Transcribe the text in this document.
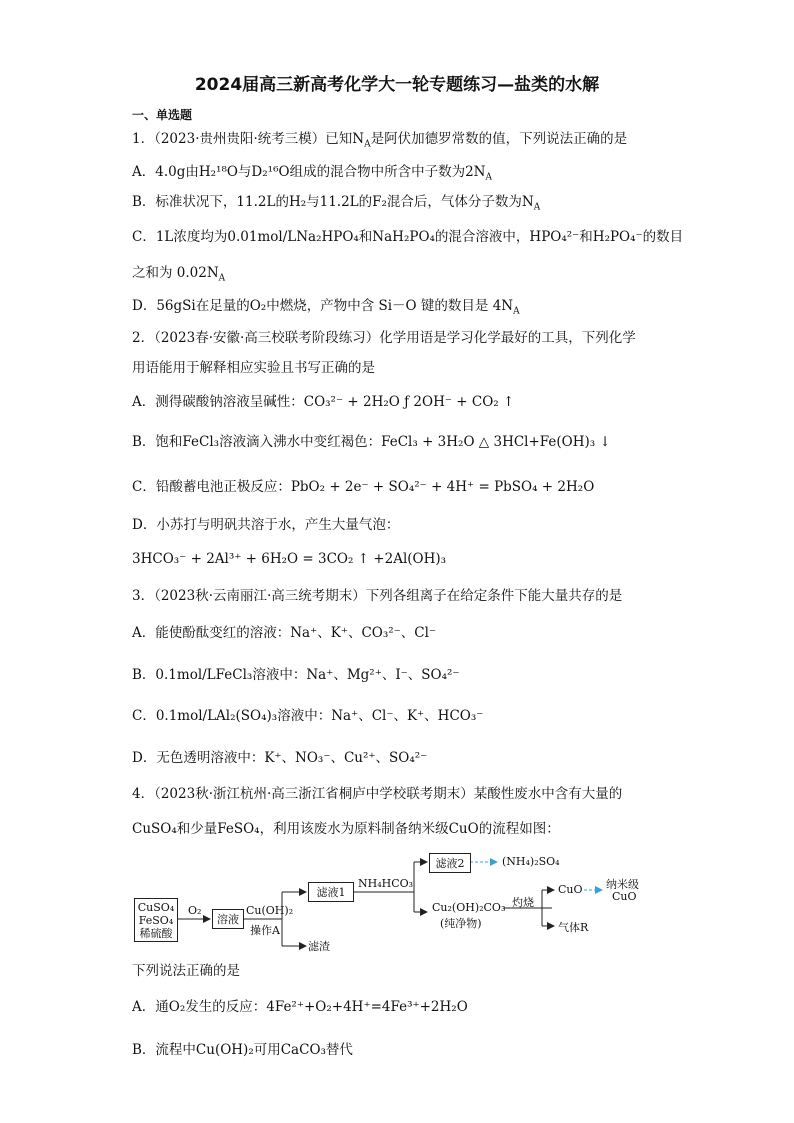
2024届高三新高考化学大一轮专题练习—盐类的水解
一、单选题
1．（2023·贵州贵阳·统考三模）已知$N_A$是阿伏加德罗常数的值，下列说法正确的是
A．4.0g由H₂¹⁸O与D₂¹⁶O组成的混合物中所含中子数为$2N_A$
B．标准状况下，11.2L的H₂与11.2L的F₂混合后，气体分子数为$N_A$
C．1L浓度均为0.01mol/LNa₂HPO₄和NaH₂PO₄的混合溶液中，HPO₄²⁻和H₂PO₄⁻的数目
之和为 $0.02N_A$
D．56gSi在足量的O₂中燃烧，产物中含 Si－O 键的数目是 $4N_A$
2．（2023春·安徽·高三校联考阶段练习）化学用语是学习化学最好的工具，下列化学
用语能用于解释相应实验且书写正确的是
A．测得碳酸钠溶液呈碱性：CO₃²⁻ + 2H₂O ƒ 2OH⁻ + CO₂ ↑
B．饱和FeCl₃溶液滴入沸水中变红褐色：FeCl₃ + 3H₂O △ 3HCl+Fe(OH)₃ ↓
C．铅酸蓄电池正极反应：PbO₂ + 2e⁻ + SO₄²⁻ + 4H⁺ = PbSO₄ + 2H₂O
D．小苏打与明矾共溶于水，产生大量气泡：
3HCO₃⁻ + 2Al³⁺ + 6H₂O = 3CO₂ ↑ +2Al(OH)₃
3．（2023秋·云南丽江·高三统考期末）下列各组离子在给定条件下能大量共存的是
A．能使酚酞变红的溶液：Na⁺、K⁺、CO₃²⁻、Cl⁻
B．0.1mol/LFeCl₃溶液中：Na⁺、Mg²⁺、I⁻、SO₄²⁻
C．0.1mol/LAl₂(SO₄)₃溶液中：Na⁺、Cl⁻、K⁺、HCO₃⁻
D．无色透明溶液中：K⁺、NO₃⁻、Cu²⁺、SO₄²⁻
4．（2023秋·浙江杭州·高三浙江省桐庐中学校联考期末）某酸性废水中含有大量的
CuSO₄和少量FeSO₄，利用该废水为原料制备纳米级CuO的流程如图：
CuSO₄
FeSO₄
稀硫酸
O₂
溶液
Cu(OH)₂
操作A
滤液1
滤渣
NH₄HCO₃
滤液2	(NH₄)₂SO₄
Cu₂(OH)₂CO₃
(纯净物)
灼烧
CuO 纳米级
CuO
气体R
下列说法正确的是
A．通O₂发生的反应：4Fe²⁺+O₂+4H⁺=4Fe³⁺+2H₂O
B．流程中Cu(OH)₂可用CaCO₃替代
